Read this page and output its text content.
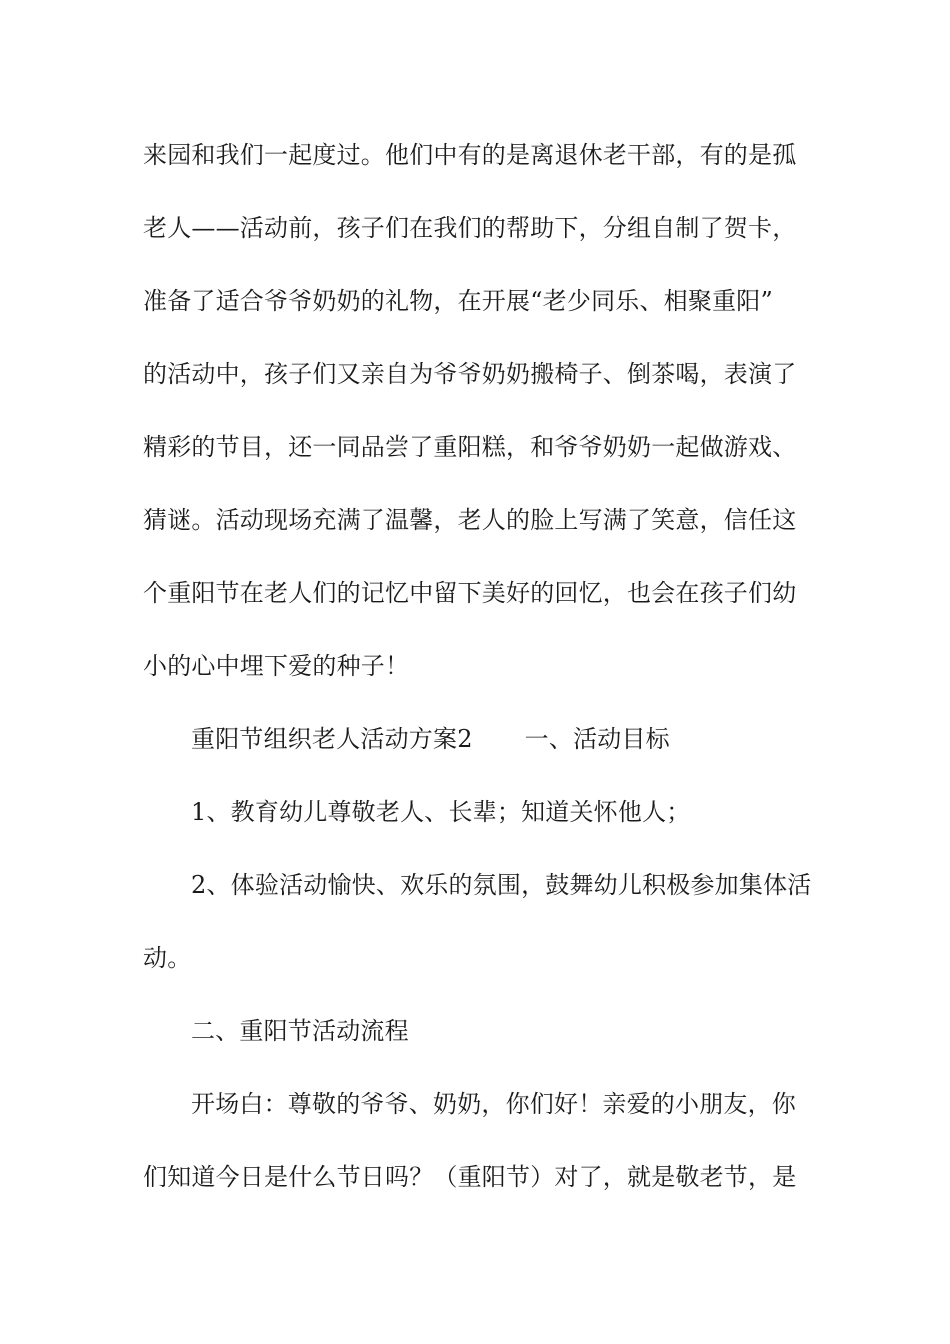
来园和我们一起度过。他们中有的是离退休老干部，有的是孤
老人——活动前，孩子们在我们的帮助下，分组自制了贺卡，
准备了适合爷爷奶奶的礼物，在开展“老少同乐、相聚重阳”
的活动中，孩子们又亲自为爷爷奶奶搬椅子、倒茶喝，表演了
精彩的节目，还一同品尝了重阳糕，和爷爷奶奶一起做游戏、
猜谜。活动现场充满了温馨，老人的脸上写满了笑意，信任这
个重阳节在老人们的记忆中留下美好的回忆，也会在孩子们幼
小的心中埋下爱的种子！
重阳节组织老人活动方案2 一、活动目标
1、教育幼儿尊敬老人、长辈；知道关怀他人；
2、体验活动愉快、欢乐的氛围，鼓舞幼儿积极参加集体活
动。
二、重阳节活动流程
开场白：尊敬的爷爷、奶奶，你们好！亲爱的小朋友，你
们知道今日是什么节日吗？（重阳节）对了，就是敬老节，是
